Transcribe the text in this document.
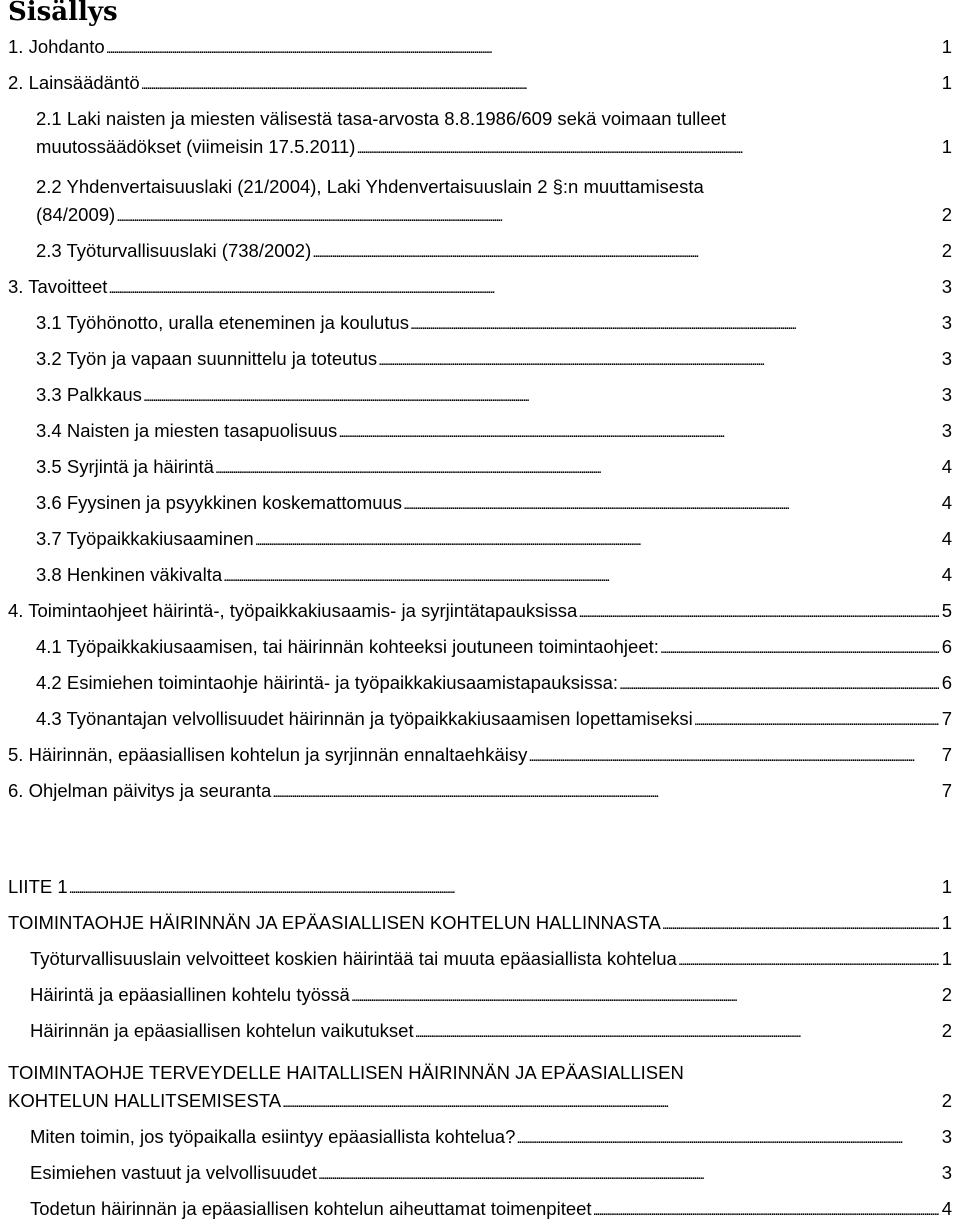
Sisällys
1. Johdanto . . .	1
2. Lainsäädäntö . . .	1
2.1 Laki naisten ja miesten välisestä tasa-arvosta 8.8.1986/609 sekä voimaan tulleet
muutossäädökset (viimeisin 17.5.2011) . . .	1
2.2 Yhdenvertaisuuslaki (21/2004), Laki Yhdenvertaisuuslain 2 §:n muuttamisesta
(84/2009) . . .	2
2.3 Työturvallisuuslaki (738/2002) . . .	2
3. Tavoitteet . . .	3
3.1 Työhönotto, uralla eteneminen ja koulutus . . .	3
3.2 Työn ja vapaan suunnittelu ja toteutus . . .	3
3.3 Palkkaus . . .	3
3.4 Naisten ja miesten tasapuolisuus . . .	3
3.5 Syrjintä ja häirintä . . .	4
3.6 Fyysinen ja psyykkinen koskemattomuus . . .	4
3.7 Työpaikkakiusaaminen . . .	4
3.8 Henkinen väkivalta . . .	4
4. Toimintaohjeet häirintä-, työpaikkakiusaamis- ja syrjintätapauksissa . . .	5
4.1 Työpaikkakiusaamisen, tai häirinnän kohteeksi joutuneen toimintaohjeet: . . .	6
4.2 Esimiehen toimintaohje häirintä- ja työpaikkakiusaamistapauksissa: . . .	6
4.3 Työnantajan velvollisuudet häirinnän ja työpaikkakiusaamisen lopettamiseksi . . .	7
5. Häirinnän, epäasiallisen kohtelun ja syrjinnän ennaltaehkäisy . . .	7
6. Ohjelman päivitys ja seuranta . . .	7
LIITE 1 . . .	1
TOIMINTAOHJE HÄIRINNÄN JA EPÄASIALLISEN KOHTELUN HALLINNASTA . . .	1
Työturvallisuuslain velvoitteet koskien häirintää tai muuta epäasiallista kohtelua . . .	1
Häirintä ja epäasiallinen kohtelu työssä . . .	2
Häirinnän ja epäasiallisen kohtelun vaikutukset . . .	2
TOIMINTAOHJE TERVEYDELLE HAITALLISEN HÄIRINNÄN JA EPÄASIALLISEN
KOHTELUN HALLITSEMISESTA . . .	2
Miten toimin, jos työpaikalla esiintyy epäasiallista kohtelua? . . .	3
Esimiehen vastuut ja velvollisuudet . . .	3
Todetun häirinnän ja epäasiallisen kohtelun aiheuttamat toimenpiteet . . .	4
